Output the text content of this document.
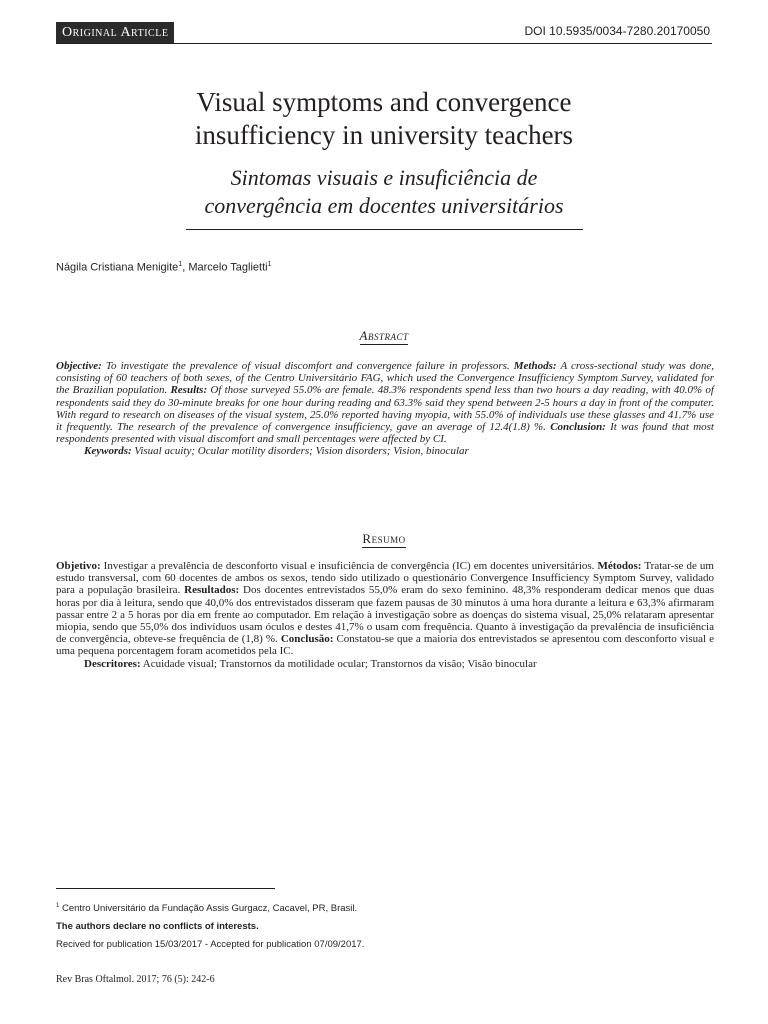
Original Article	DOI 10.5935/0034-7280.20170050
Visual symptoms and convergence
insufficiency in university teachers
Sintomas visuais e insuficiência de
convergência em docentes universitários
Nágila Cristiana Menigite$^1$, Marcelo Taglietti$^1$
Abstract
Objective: To investigate the prevalence of visual discomfort and convergence failure in professors. Methods: A cross-sectional study was done, consisting of 60 teachers of both sexes, of the Centro Universitário FAG, which used the Convergence Insufficiency Symptom Survey, validated for the Brazilian population. Results: Of those surveyed 55.0% are female. 48.3% respondents spend less than two hours a day reading, with 40.0% of respondents said they do 30-minute breaks for one hour during reading and 63.3% said they spend between 2-5 hours a day in front of the computer. With regard to research on diseases of the visual system, 25.0% reported having myopia, with 55.0% of individuals use these glasses and 41.7% use it frequently. The research of the prevalence of convergence insufficiency, gave an average of 12.4(1.8) %. Conclusion: It was found that most respondents presented with visual discomfort and small percentages were affected by CI.
Keywords: Visual acuity; Ocular motility disorders; Vision disorders; Vision, binocular
Resumo
Objetivo: Investigar a prevalência de desconforto visual e insuficiência de convergência (IC) em docentes universitários. Métodos: Tratar-se de um estudo transversal, com 60 docentes de ambos os sexos, tendo sido utilizado o questionário Convergence Insufficiency Symptom Survey, validado para a população brasileira. Resultados: Dos docentes entrevistados 55,0% eram do sexo feminino. 48,3% responderam dedicar menos que duas horas por dia à leitura, sendo que 40,0% dos entrevistados disseram que fazem pausas de 30 minutos à uma hora durante a leitura e 63,3% afirmaram passar entre 2 a 5 horas por dia em frente ao computador. Em relação à investigação sobre as doenças do sistema visual, 25,0% relataram apresentar miopia, sendo que 55,0% dos indivíduos usam óculos e destes 41,7% o usam com frequência. Quanto à investigação da prevalência de insuficiência de convergência, obteve-se frequência de (1,8) %. Conclusão: Constatou-se que a maioria dos entrevistados se apresentou com desconforto visual e uma pequena porcentagem foram acometidos pela IC.
Descritores: Acuidade visual; Transtornos da motilidade ocular; Transtornos da visão; Visão binocular
$^1$ Centro Universitário da Fundação Assis Gurgacz, Cacavel, PR, Brasil.
The authors declare no conflicts of interests.
Recived for publication 15/03/2017 - Accepted for publication 07/09/2017.
Rev Bras Oftalmol. 2017; 76 (5): 242-6
